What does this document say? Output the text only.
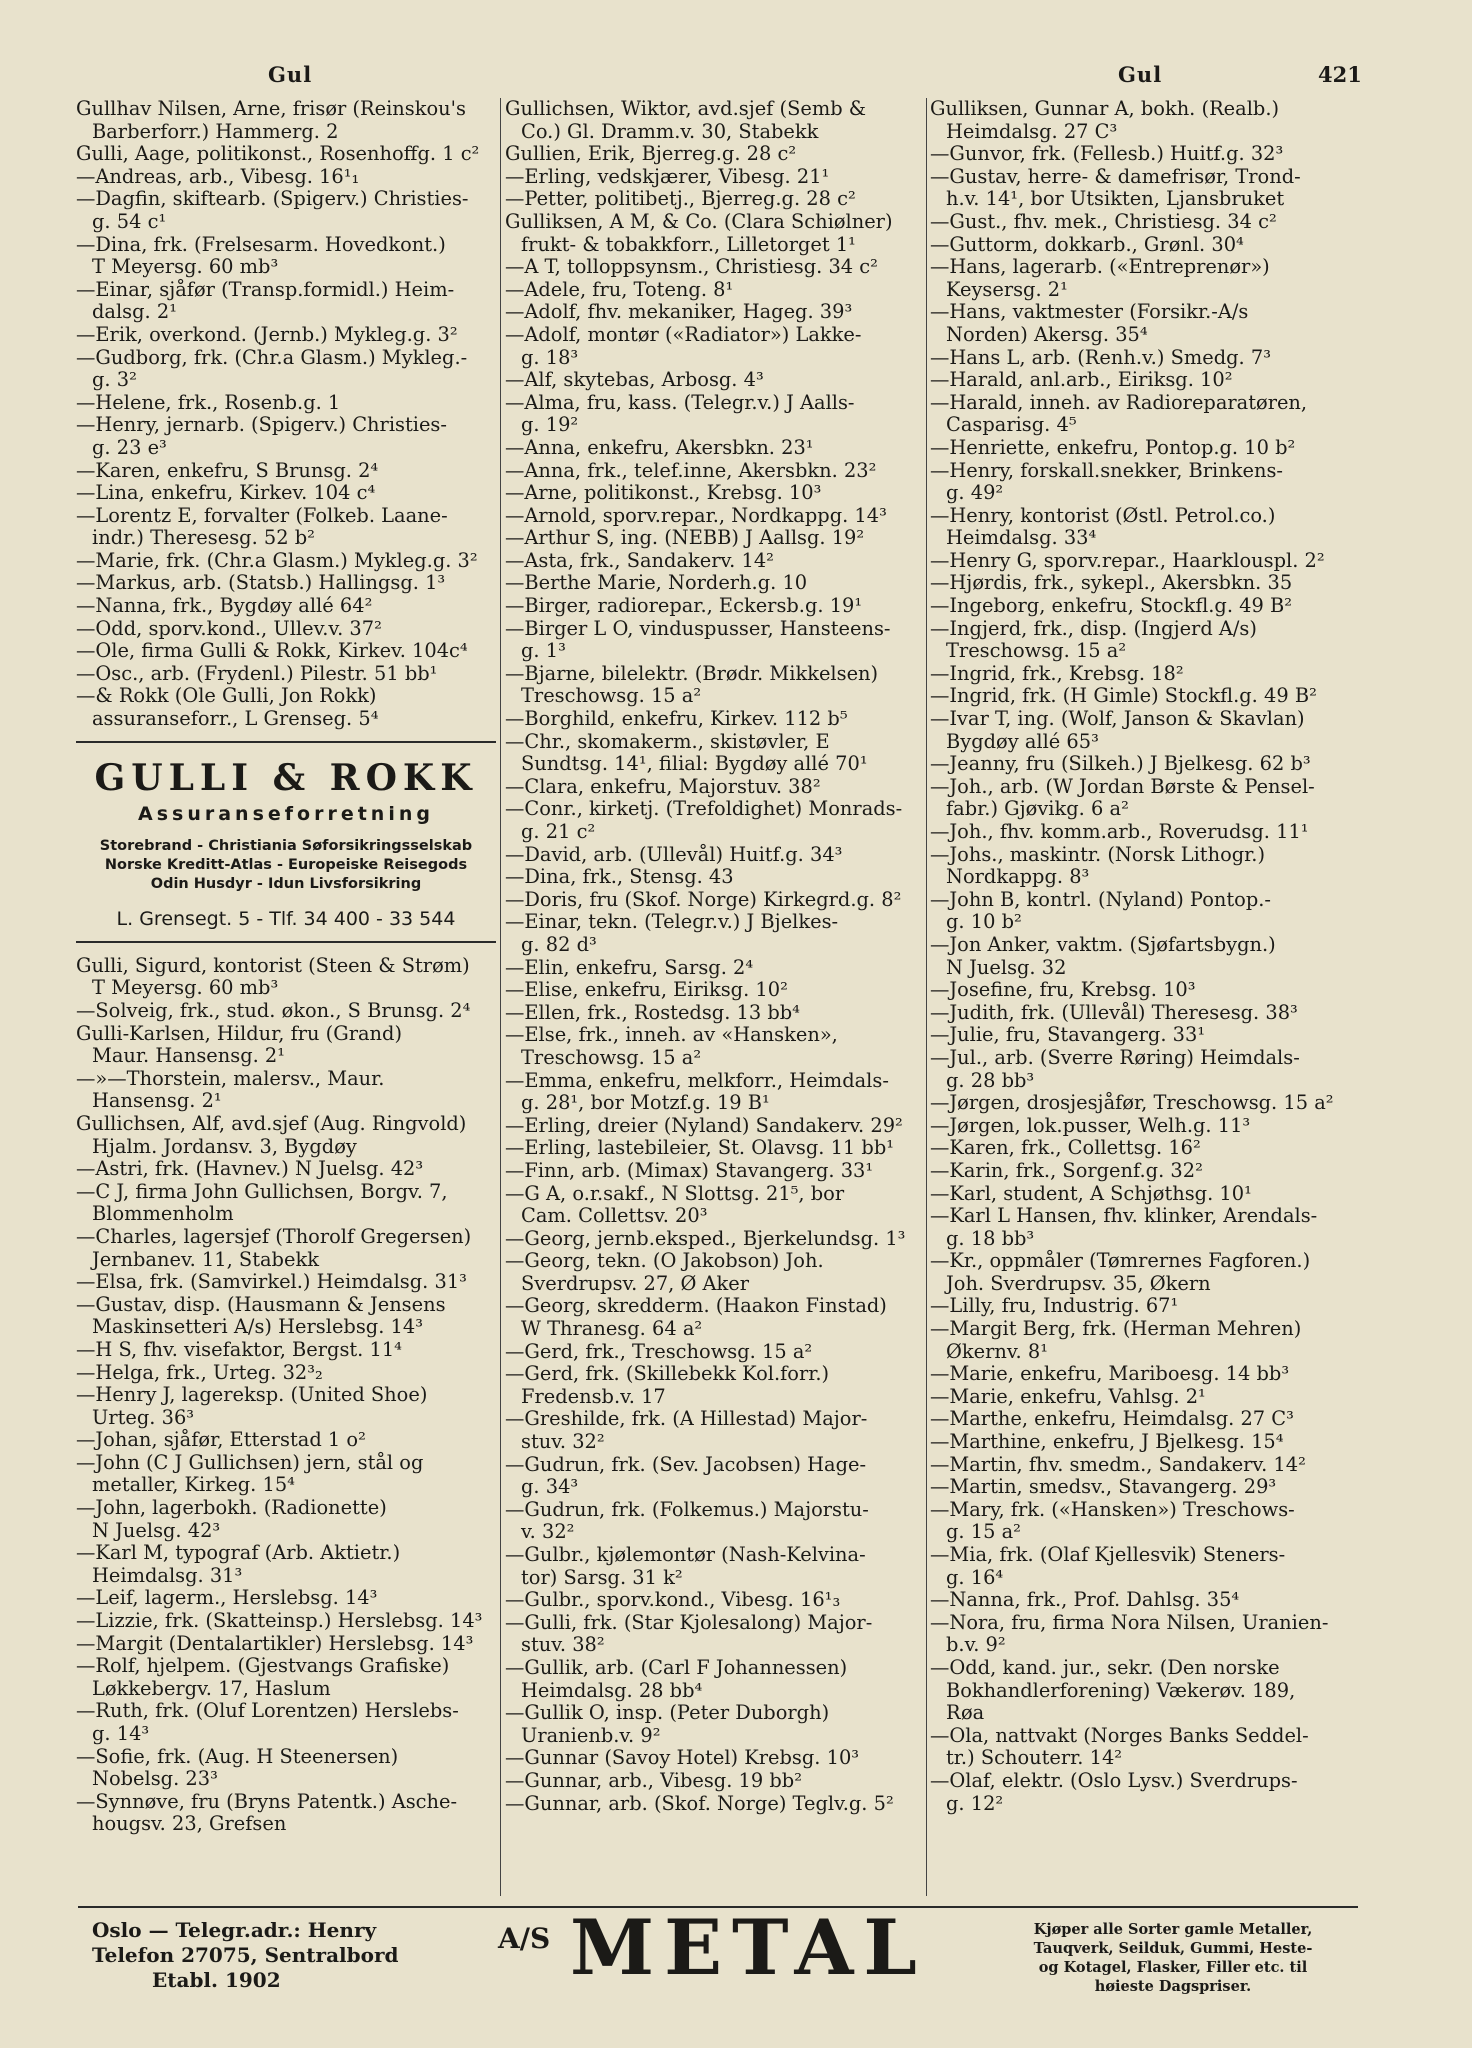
Gul	Gul	421
Gullhav Nilsen, Arne, frisør (Reinskou's
Barberforr.) Hammerg. 2
Gulli, Aage, politikonst., Rosenhoffg. 1 c²
—Andreas, arb., Vibesg. 16¹₁
—Dagfin, skiftearb. (Spigerv.) Christies-
g. 54 c¹
—Dina, frk. (Frelsesarm. Hovedkont.)
T Meyersg. 60 mb³
—Einar, sjåfør (Transp.formidl.) Heim-
dalsg. 2¹
—Erik, overkond. (Jernb.) Mykleg.g. 3²
—Gudborg, frk. (Chr.a Glasm.) Mykleg.-
g. 3²
—Helene, frk., Rosenb.g. 1
—Henry, jernarb. (Spigerv.) Christies-
g. 23 e³
—Karen, enkefru, S Brunsg. 2⁴
—Lina, enkefru, Kirkev. 104 c⁴
—Lorentz E, forvalter (Folkeb. Laane-
indr.) Theresesg. 52 b²
—Marie, frk. (Chr.a Glasm.) Mykleg.g. 3²
—Markus, arb. (Statsb.) Hallingsg. 1³
—Nanna, frk., Bygdøy allé 64²
—Odd, sporv.kond., Ullev.v. 37²
—Ole, firma Gulli & Rokk, Kirkev. 104c⁴
—Osc., arb. (Frydenl.) Pilestr. 51 bb¹
—& Rokk (Ole Gulli, Jon Rokk)
assuranseforr., L Grenseg. 5⁴
GULLI & ROKK
Assuranseforretning
Storebrand - Christiania Søforsikringsselskab
Norske Kreditt-Atlas - Europeiske Reisegods
Odin Husdyr - Idun Livsforsikring
L. Grensegt. 5 - Tlf. 34 400 - 33 544
Gulli, Sigurd, kontorist (Steen & Strøm)
T Meyersg. 60 mb³
—Solveig, frk., stud. økon., S Brunsg. 2⁴
Gulli-Karlsen, Hildur, fru (Grand)
Maur. Hansensg. 2¹
—»—Thorstein, malersv., Maur.
Hansensg. 2¹
Gullichsen, Alf, avd.sjef (Aug. Ringvold)
Hjalm. Jordansv. 3, Bygdøy
—Astri, frk. (Havnev.) N Juelsg. 42³
—C J, firma John Gullichsen, Borgv. 7,
Blommenholm
—Charles, lagersjef (Thorolf Gregersen)
Jernbanev. 11, Stabekk
—Elsa, frk. (Samvirkel.) Heimdalsg. 31³
—Gustav, disp. (Hausmann & Jensens
Maskinsetteri A/s) Herslebsg. 14³
—H S, fhv. visefaktor, Bergst. 11⁴
—Helga, frk., Urteg. 32³₂
—Henry J, lagereksp. (United Shoe)
Urteg. 36³
—Johan, sjåfør, Etterstad 1 o²
—John (C J Gullichsen) jern, stål og
metaller, Kirkeg. 15⁴
—John, lagerbokh. (Radionette)
N Juelsg. 42³
—Karl M, typograf (Arb. Aktietr.)
Heimdalsg. 31³
—Leif, lagerm., Herslebsg. 14³
—Lizzie, frk. (Skatteinsp.) Herslebsg. 14³
—Margit (Dentalartikler) Herslebsg. 14³
—Rolf, hjelpem. (Gjestvangs Grafiske)
Løkkebergv. 17, Haslum
—Ruth, frk. (Oluf Lorentzen) Herslebs-
g. 14³
—Sofie, frk. (Aug. H Steenersen)
Nobelsg. 23³
—Synnøve, fru (Bryns Patentk.) Asche-
hougsv. 23, Grefsen
Gullichsen, Wiktor, avd.sjef (Semb &
Co.) Gl. Dramm.v. 30, Stabekk
Gullien, Erik, Bjerreg.g. 28 c²
—Erling, vedskjærer, Vibesg. 21¹
—Petter, politibetj., Bjerreg.g. 28 c²
Gulliksen, A M, & Co. (Clara Schiølner)
frukt- & tobakkforr., Lilletorget 1¹
—A T, tolloppsynsm., Christiesg. 34 c²
—Adele, fru, Toteng. 8¹
—Adolf, fhv. mekaniker, Hageg. 39³
—Adolf, montør («Radiator») Lakke-
g. 18³
—Alf, skytebas, Arbosg. 4³
—Alma, fru, kass. (Telegr.v.) J Aalls-
g. 19²
—Anna, enkefru, Akersbkn. 23¹
—Anna, frk., telef.inne, Akersbkn. 23²
—Arne, politikonst., Krebsg. 10³
—Arnold, sporv.repar., Nordkappg. 14³
—Arthur S, ing. (NEBB) J Aallsg. 19²
—Asta, frk., Sandakerv. 14²
—Berthe Marie, Norderh.g. 10
—Birger, radiorepar., Eckersb.g. 19¹
—Birger L O, vinduspusser, Hansteens-
g. 1³
—Bjarne, bilelektr. (Brødr. Mikkelsen)
Treschowsg. 15 a²
—Borghild, enkefru, Kirkev. 112 b⁵
—Chr., skomakerm., skistøvler, E
Sundtsg. 14¹, filial: Bygdøy allé 70¹
—Clara, enkefru, Majorstuv. 38²
—Conr., kirketj. (Trefoldighet) Monrads-
g. 21 c²
—David, arb. (Ullevål) Huitf.g. 34³
—Dina, frk., Stensg. 43
—Doris, fru (Skof. Norge) Kirkegrd.g. 8²
—Einar, tekn. (Telegr.v.) J Bjelkes-
g. 82 d³
—Elin, enkefru, Sarsg. 2⁴
—Elise, enkefru, Eiriksg. 10²
—Ellen, frk., Rostedsg. 13 bb⁴
—Else, frk., inneh. av «Hansken»,
Treschowsg. 15 a²
—Emma, enkefru, melkforr., Heimdals-
g. 28¹, bor Motzf.g. 19 B¹
—Erling, dreier (Nyland) Sandakerv. 29²
—Erling, lastebileier, St. Olavsg. 11 bb¹
—Finn, arb. (Mimax) Stavangerg. 33¹
—G A, o.r.sakf., N Slottsg. 21⁵, bor
Cam. Collettsv. 20³
—Georg, jernb.eksped., Bjerkelundsg. 1³
—Georg, tekn. (O Jakobson) Joh.
Sverdrupsv. 27, Ø Aker
—Georg, skredderm. (Haakon Finstad)
W Thranesg. 64 a²
—Gerd, frk., Treschowsg. 15 a²
—Gerd, frk. (Skillebekk Kol.forr.)
Fredensb.v. 17
—Greshilde, frk. (A Hillestad) Major-
stuv. 32²
—Gudrun, frk. (Sev. Jacobsen) Hage-
g. 34³
—Gudrun, frk. (Folkemus.) Majorstu-
v. 32²
—Gulbr., kjølemontør (Nash-Kelvina-
tor) Sarsg. 31 k²
—Gulbr., sporv.kond., Vibesg. 16¹₃
—Gulli, frk. (Star Kjolesalong) Major-
stuv. 38²
—Gullik, arb. (Carl F Johannessen)
Heimdalsg. 28 bb⁴
—Gullik O, insp. (Peter Duborgh)
Uranienb.v. 9²
—Gunnar (Savoy Hotel) Krebsg. 10³
—Gunnar, arb., Vibesg. 19 bb²
—Gunnar, arb. (Skof. Norge) Teglv.g. 5²
Gulliksen, Gunnar A, bokh. (Realb.)
Heimdalsg. 27 C³
—Gunvor, frk. (Fellesb.) Huitf.g. 32³
—Gustav, herre- & damefrisør, Trond-
h.v. 14¹, bor Utsikten, Ljansbruket
—Gust., fhv. mek., Christiesg. 34 c²
—Guttorm, dokkarb., Grønl. 30⁴
—Hans, lagerarb. («Entreprenør»)
Keysersg. 2¹
—Hans, vaktmester (Forsikr.-A/s
Norden) Akersg. 35⁴
—Hans L, arb. (Renh.v.) Smedg. 7³
—Harald, anl.arb., Eiriksg. 10²
—Harald, inneh. av Radioreparatøren,
Casparisg. 4⁵
—Henriette, enkefru, Pontop.g. 10 b²
—Henry, forskall.snekker, Brinkens-
g. 49²
—Henry, kontorist (Østl. Petrol.co.)
Heimdalsg. 33⁴
—Henry G, sporv.repar., Haarklouspl. 2²
—Hjørdis, frk., sykepl., Akersbkn. 35
—Ingeborg, enkefru, Stockfl.g. 49 B²
—Ingjerd, frk., disp. (Ingjerd A/s)
Treschowsg. 15 a²
—Ingrid, frk., Krebsg. 18²
—Ingrid, frk. (H Gimle) Stockfl.g. 49 B²
—Ivar T, ing. (Wolf, Janson & Skavlan)
Bygdøy allé 65³
—Jeanny, fru (Silkeh.) J Bjelkesg. 62 b³
—Joh., arb. (W Jordan Børste & Pensel-
fabr.) Gjøvikg. 6 a²
—Joh., fhv. komm.arb., Roverudsg. 11¹
—Johs., maskintr. (Norsk Lithogr.)
Nordkappg. 8³
—John B, kontrl. (Nyland) Pontop.-
g. 10 b²
—Jon Anker, vaktm. (Sjøfartsbygn.)
N Juelsg. 32
—Josefine, fru, Krebsg. 10³
—Judith, frk. (Ullevål) Theresesg. 38³
—Julie, fru, Stavangerg. 33¹
—Jul., arb. (Sverre Røring) Heimdals-
g. 28 bb³
—Jørgen, drosjesjåfør, Treschowsg. 15 a²
—Jørgen, lok.pusser, Welh.g. 11³
—Karen, frk., Collettsg. 16²
—Karin, frk., Sorgenf.g. 32²
—Karl, student, A Schjøthsg. 10¹
—Karl L Hansen, fhv. klinker, Arendals-
g. 18 bb³
—Kr., oppmåler (Tømrernes Fagforen.)
Joh. Sverdrupsv. 35, Økern
—Lilly, fru, Industrig. 67¹
—Margit Berg, frk. (Herman Mehren)
Økernv. 8¹
—Marie, enkefru, Mariboesg. 14 bb³
—Marie, enkefru, Vahlsg. 2¹
—Marthe, enkefru, Heimdalsg. 27 C³
—Marthine, enkefru, J Bjelkesg. 15⁴
—Martin, fhv. smedm., Sandakerv. 14²
—Martin, smedsv., Stavangerg. 29³
—Mary, frk. («Hansken») Treschows-
g. 15 a²
—Mia, frk. (Olaf Kjellesvik) Steners-
g. 16⁴
—Nanna, frk., Prof. Dahlsg. 35⁴
—Nora, fru, firma Nora Nilsen, Uranien-
b.v. 9²
—Odd, kand. jur., sekr. (Den norske
Bokhandlerforening) Vækerøv. 189,
Røa
—Ola, nattvakt (Norges Banks Seddel-
tr.) Schouterr. 14²
—Olaf, elektr. (Oslo Lysv.) Sverdrups-
g. 12²
Oslo — Telegr.adr.: Henry
Telefon 27075, Sentralbord
Etabl. 1902
A/S METAL	Kjøper alle Sorter gamle Metaller,
Tauqverk, Seilduk, Gummi, Heste-
og Kotagel, Flasker, Filler etc. til
høieste Dagspriser.
